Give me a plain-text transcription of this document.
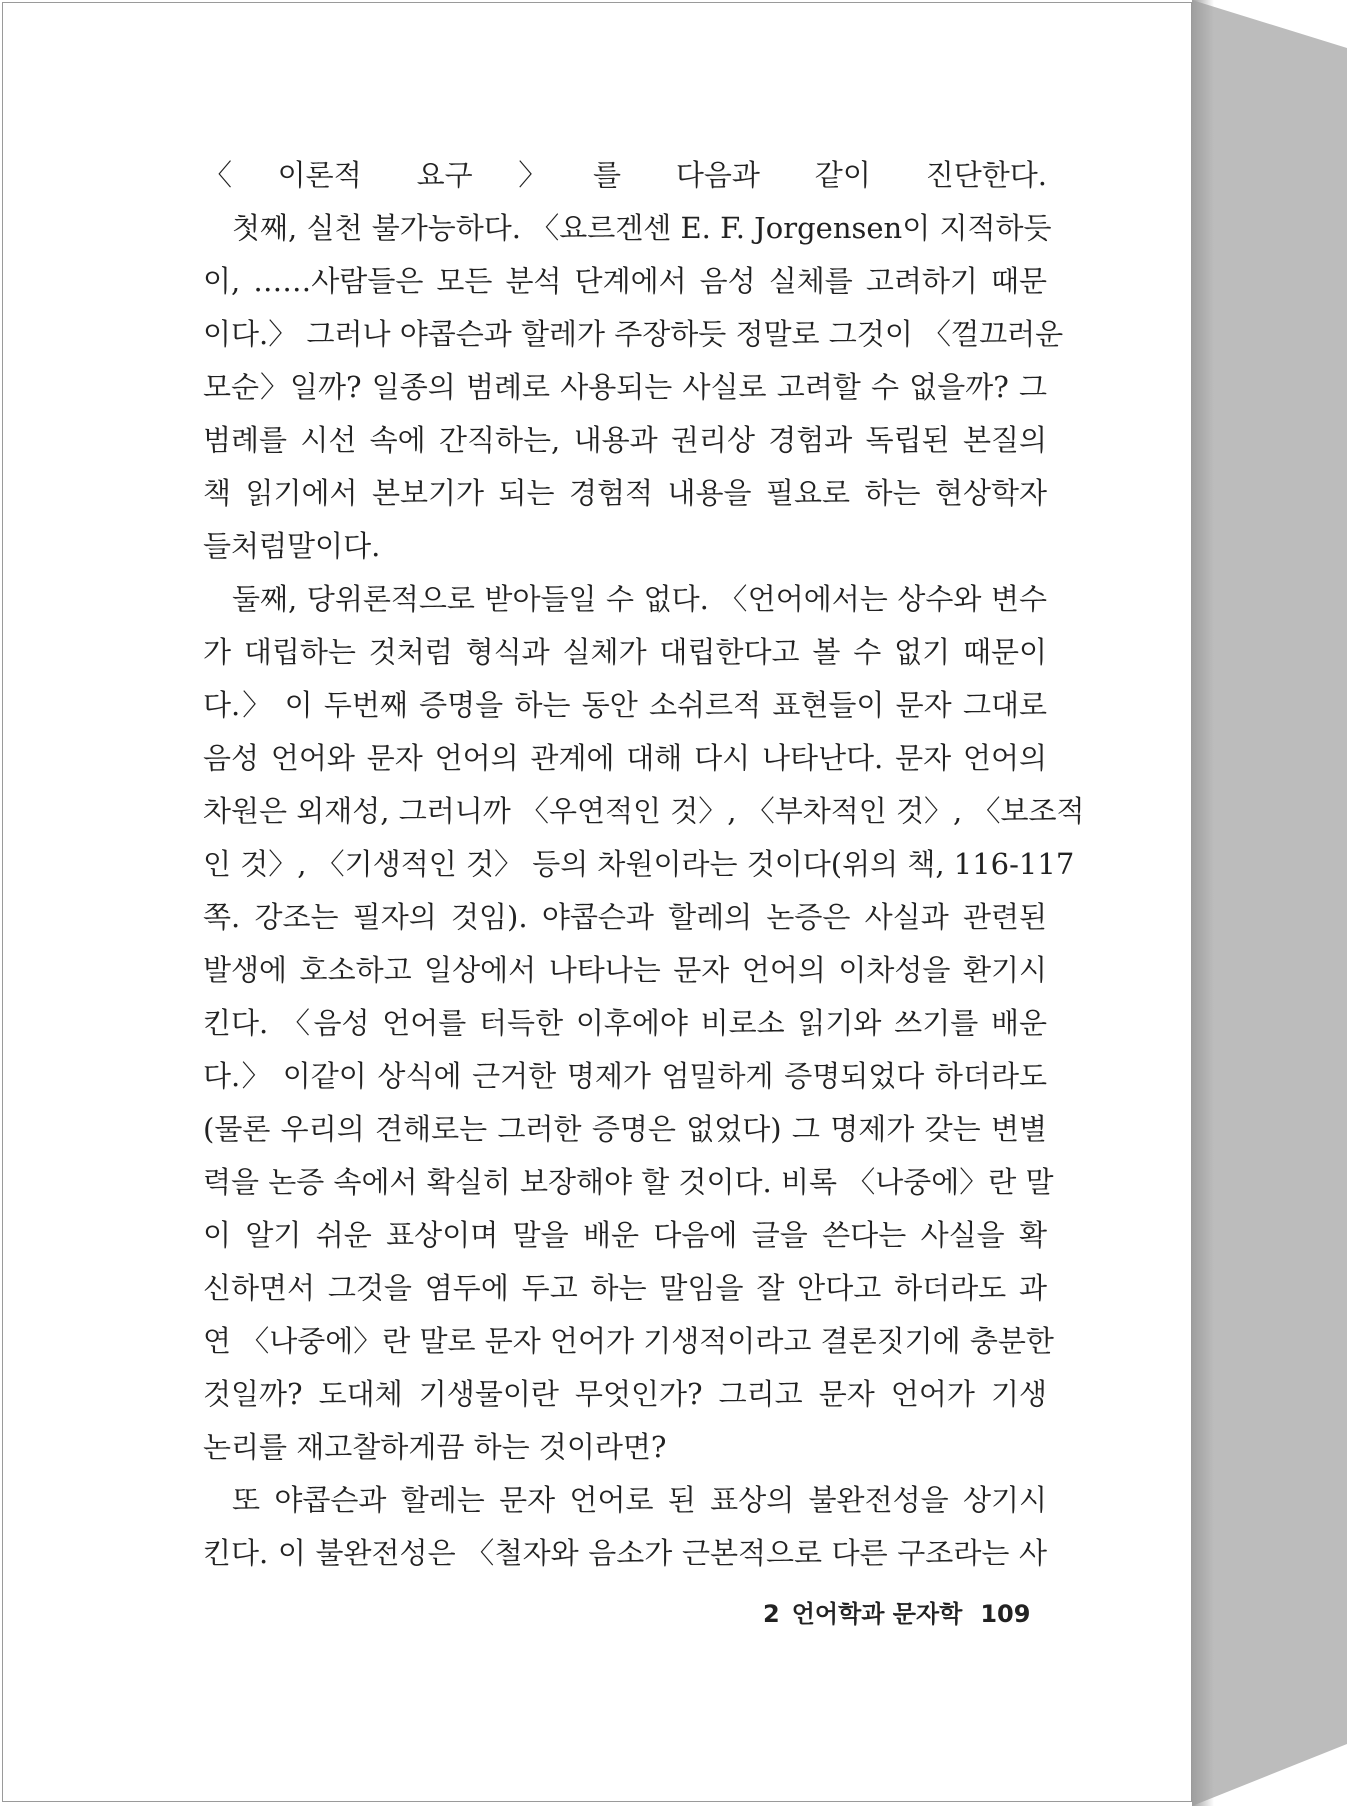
〈이론적 요구〉를 다음과 같이 진단한다.
첫째, 실천 불가능하다. 〈요르겐센 E. F. Jorgensen이 지적하듯
이, ……사람들은 모든 분석 단계에서 음성 실체를 고려하기 때문
이다.〉 그러나 야콥슨과 할레가 주장하듯 정말로 그것이 〈껄끄러운
모순〉일까? 일종의 범례로 사용되는 사실로 고려할 수 없을까? 그
범례를 시선 속에 간직하는, 내용과 권리상 경험과 독립된 본질의
책 읽기에서 본보기가 되는 경험적 내용을 필요로 하는 현상학자
들처럼말이다.
둘째, 당위론적으로 받아들일 수 없다. 〈언어에서는 상수와 변수
가 대립하는 것처럼 형식과 실체가 대립한다고 볼 수 없기 때문이
다.〉 이 두번째 증명을 하는 동안 소쉬르적 표현들이 문자 그대로
음성 언어와 문자 언어의 관계에 대해 다시 나타난다. 문자 언어의
차원은 외재성, 그러니까 〈우연적인 것〉, 〈부차적인 것〉, 〈보조적
인 것〉, 〈기생적인 것〉 등의 차원이라는 것이다(위의 책, 116-117
쪽. 강조는 필자의 것임). 야콥슨과 할레의 논증은 사실과 관련된
발생에 호소하고 일상에서 나타나는 문자 언어의 이차성을 환기시
킨다. 〈음성 언어를 터득한 이후에야 비로소 읽기와 쓰기를 배운
다.〉 이같이 상식에 근거한 명제가 엄밀하게 증명되었다 하더라도
(물론 우리의 견해로는 그러한 증명은 없었다) 그 명제가 갖는 변별
력을 논증 속에서 확실히 보장해야 할 것이다. 비록 〈나중에〉란 말
이 알기 쉬운 표상이며 말을 배운 다음에 글을 쓴다는 사실을 확
신하면서 그것을 염두에 두고 하는 말임을 잘 안다고 하더라도 과
연 〈나중에〉란 말로 문자 언어가 기생적이라고 결론짓기에 충분한
것일까? 도대체 기생물이란 무엇인가? 그리고 문자 언어가 기생
논리를 재고찰하게끔 하는 것이라면?
또 야콥슨과 할레는 문자 언어로 된 표상의 불완전성을 상기시
킨다. 이 불완전성은 〈철자와 음소가 근본적으로 다른 구조라는 사
2 언어학과 문자학 109
